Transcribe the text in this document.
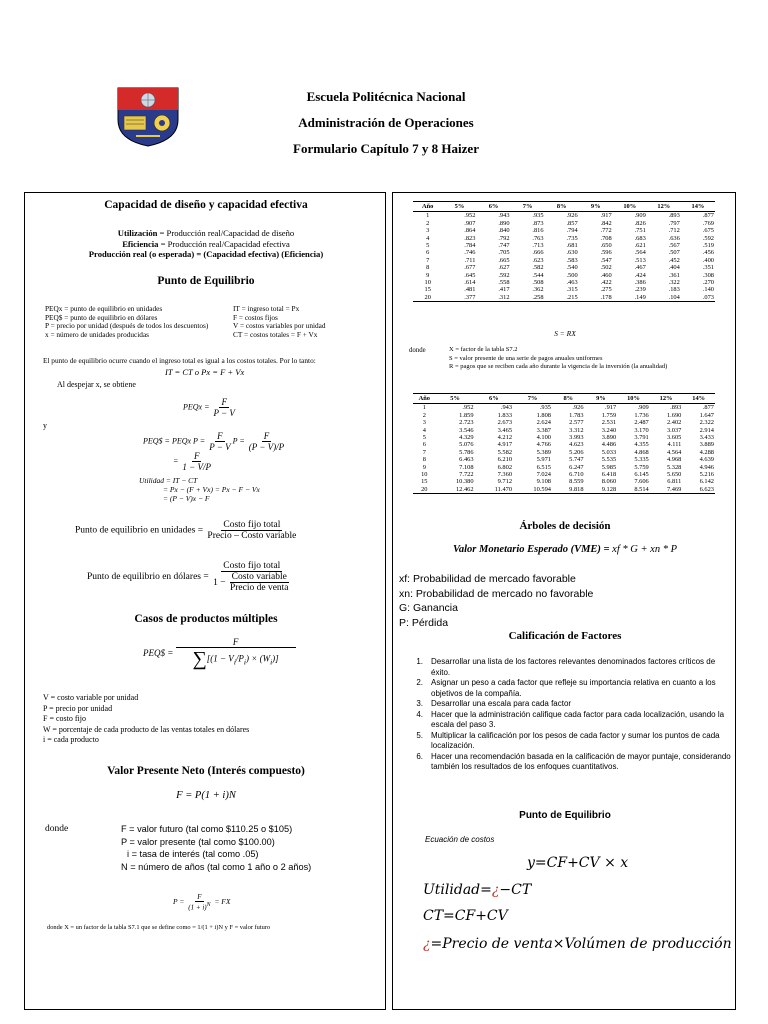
Escuela Politécnica Nacional
Administración de Operaciones
Formulario Capítulo 7 y 8 Haizer
Capacidad de diseño y capacidad efectiva
Utilización = Producción real/Capacidad de diseño
Eficiencia = Producción real/Capacidad efectiva
Producción real (o esperada) = (Capacidad efectiva) (Eficiencia)
Punto de Equilibrio
PEQx = punto de equilibrio en unidades	IT = ingreso total = Px
PEQ$ = punto de equilibrio en dólares	F = costos fijos
P = precio por unidad (después de todos los descuentos)	V = costos variables por unidad
x = número de unidades producidas	CT = costos totales = F + Vx
El punto de equilibrio ocurre cuando el ingreso total es igual a los costos totales. Por lo tanto:
IT = CT o Px = F + Vx
Al despejar x, se obtiene
PEQx = $\frac{F}{P - V}$
y
PEQ$ = PEQx $P = \frac{F}{P - V}$ $P = \frac{F}{(P - V)/P}$
= $\frac{F}{1 - V/P}$
Utilidad = IT − CT
= Px − (F + Vx) = Px − F − Vx
= (P − V)x − F
Punto de equilibrio en unidades = $\frac{\text{Costo fijo total}}{\text{Precio – Costo variable}}$
Punto de equilibrio en dólares = $\frac{\text{Costo fijo total}}{1 - \frac{\text{Costo variable}}{\text{Precio de venta}}}$
Casos de productos múltiples
PEQ$ = $\frac{F}{\sum[(1 - V_i/P_i) \times (W_i)]}$
V = costo variable por unidad
P = precio por unidad
F = costo fijo
W = porcentaje de cada producto de las ventas totales en dólares
i = cada producto
Valor Presente Neto (Interés compuesto)
F = P(1 + i)N
donde	F = valor futuro (tal como $110.25 o $105)
P = valor presente (tal como $100.00)
i = tasa de interés (tal como .05)
N = número de años (tal como 1 año o 2 años)
$P = \frac{F}{(1 + i)^N}$ = FX
donde X = un factor de la tabla S7.1 que se define como = 1/(1 + i)N y F = valor futuro
Año	5%	6%	7%	8%	9%	10%	12%	14%
1	.952	.943	.935	.926	.917	.909	.893	.877
2	.907	.890	.873	.857	.842	.826	.797	.769
3	.864	.840	.816	.794	.772	.751	.712	.675
4	.823	.792	.763	.735	.708	.683	.636	.592
5	.784	.747	.713	.681	.650	.621	.567	.519
6	.746	.705	.666	.630	.596	.564	.507	.456
7	.711	.665	.623	.583	.547	.513	.452	.400
8	.677	.627	.582	.540	.502	.467	.404	.351
9	.645	.592	.544	.500	.460	.424	.361	.308
10	.614	.558	.508	.463	.422	.386	.322	.270
15	.481	.417	.362	.315	.275	.239	.183	.140
20	.377	.312	.258	.215	.178	.149	.104	.073
S = RX
donde	X = factor de la tabla S7.2
S = valor presente de una serie de pagos anuales uniformes
R = pagos que se reciben cada año durante la vigencia de la inversión (la anualidad)
Año	5%	6%	7%	8%	9%	10%	12%	14%
1	.952	.943	.935	.926	.917	.909	.893	.877
2	1.859	1.833	1.808	1.783	1.759	1.736	1.690	1.647
3	2.723	2.673	2.624	2.577	2.531	2.487	2.402	2.322
4	3.546	3.465	3.387	3.312	3.240	3.170	3.037	2.914
5	4.329	4.212	4.100	3.993	3.890	3.791	3.605	3.433
6	5.076	4.917	4.766	4.623	4.486	4.355	4.111	3.889
7	5.786	5.582	5.389	5.206	5.033	4.868	4.564	4.288
8	6.463	6.210	5.971	5.747	5.535	5.335	4.968	4.639
9	7.108	6.802	6.515	6.247	5.985	5.759	5.328	4.946
10	7.722	7.360	7.024	6.710	6.418	6.145	5.650	5.216
15	10.380	9.712	9.108	8.559	8.060	7.606	6.811	6.142
20	12.462	11.470	10.594	9.818	9.128	8.514	7.469	6.623
Árboles de decisión
Valor Monetario Esperado (VME) = xf * G + xn * P
xf: Probabilidad de mercado favorable
xn: Probabilidad de mercado no favorable
G: Ganancia
P: Pérdida
Calificación de Factores
1.	Desarrollar una lista de los factores relevantes denominados factores críticos de éxito.
2.	Asignar un peso a cada factor que refleje su importancia relativa en cuanto a los objetivos de la compañía.
3.	Desarrollar una escala para cada factor
4.	Hacer que la administración califique cada factor para cada localización, usando la escala del paso 3.
5.	Multiplicar la calificación por los pesos de cada factor y sumar los puntos de cada localización.
6.	Hacer una recomendación basada en la calificación de mayor puntaje, considerando también los resultados de los enfoques cuantitativos.
Punto de Equilibrio
Ecuación de costos
y=CF+CV × x
Utilidad=¿−CT
CT=CF+CV
¿=Precio de venta×Volúmen de producción
